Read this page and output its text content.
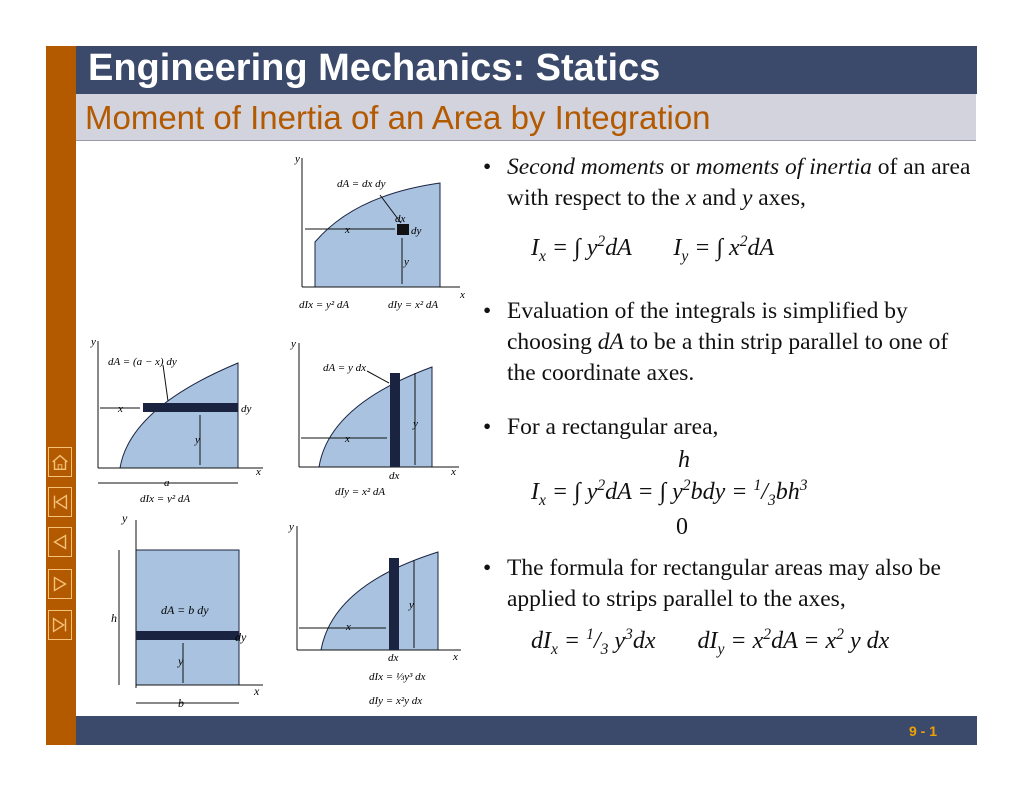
Engineering Mechanics: Statics
Moment of Inertia of an Area by Integration
y
x
dA = dx dy
dx
dy
x
y
dIx = y² dA	dIy = x² dA
y
x
dA = (a − x) dy
x
y
dy
a
dIx = y² dA
y
x
dA = y dx
x
y
dx
dIy = x² dA
y
x
dA = b dy
h
y
dy
b
y
x
x
y
dx
dIx = ⅓y³ dx
dIy = x²y dx
• Second moments or moments of inertia of an area with respect to the x and y axes,
$I_x$ = ∫ $y^2dA$       $I_y$ = ∫ $x^2dA$
• Evaluation of the integrals is simplified by choosing dA to be a thin strip parallel to one of the coordinate axes.
• For a rectangular area,
h
$I_x$ = ∫ $y^2dA$ = ∫ $y^2bdy = ^1/_3bh^3$
0
• The formula for rectangular areas may also be applied to strips parallel to the axes,
$dI_x = ^1/_3$ $y^3dx$       $dI_y = x^2dA = x^2$ y dx
9 - 1
